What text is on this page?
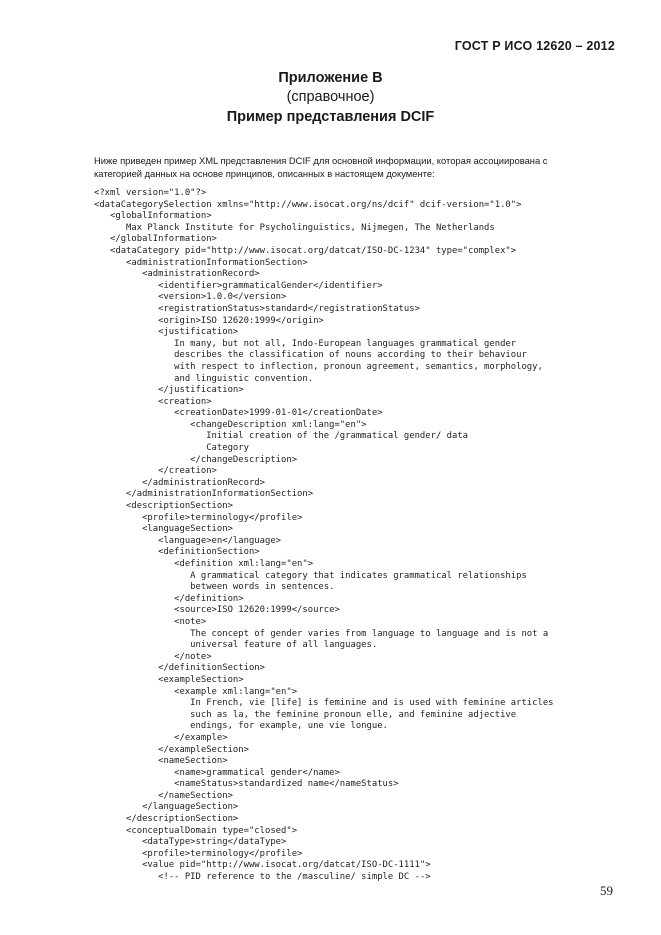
ГОСТ Р ИСО 12620 – 2012
Приложение В
(справочное)
Пример представления DCIF
Ниже приведен пример XML представления DCIF для основной информации, которая ассоциирована с категорией данных на основе принципов, описанных в настоящем документе:
<?xml version="1.0"?>
<dataCategorySelection xmlns="http://www.isocat.org/ns/dcif" dcif-version="1.0">
<globalInformation>
Max Planck Institute for Psycholinguistics, Nijmegen, The Netherlands
</globalInformation>
<dataCategory pid="http://www.isocat.org/datcat/ISO-DC-1234" type="complex">
<administrationInformationSection>
<administrationRecord>
<identifier>grammaticalGender</identifier>
<version>1.0.0</version>
<registrationStatus>standard</registrationStatus>
<origin>ISO 12620:1999</origin>
<justification>
In many, but not all, Indo-European languages grammatical gender
describes the classification of nouns according to their behaviour
with respect to inflection, pronoun agreement, semantics, morphology,
and linguistic convention.
</justification>
<creation>
<creationDate>1999-01-01</creationDate>
<changeDescription xml:lang="en">
Initial creation of the /grammatical gender/ data
Category
</changeDescription>
</creation>
</administrationRecord>
</administrationInformationSection>
<descriptionSection>
<profile>terminology</profile>
<languageSection>
<language>en</language>
<definitionSection>
<definition xml:lang="en">
A grammatical category that indicates grammatical relationships
between words in sentences.
</definition>
<source>ISO 12620:1999</source>
<note>
The concept of gender varies from language to language and is not a
universal feature of all languages.
</note>
</definitionSection>
<exampleSection>
<example xml:lang="en">
In French, vie [life] is feminine and is used with feminine articles
such as la, the feminine pronoun elle, and feminine adjective
endings, for example, une vie longue.
</example>
</exampleSection>
<nameSection>
<name>grammatical gender</name>
<nameStatus>standardized name</nameStatus>
</nameSection>
</languageSection>
</descriptionSection>
<conceptualDomain type="closed">
<dataType>string</dataType>
<profile>terminology</profile>
<value pid="http://www.isocat.org/datcat/ISO-DC-1111">
<!-- PID reference to the /masculine/ simple DC -->
59
